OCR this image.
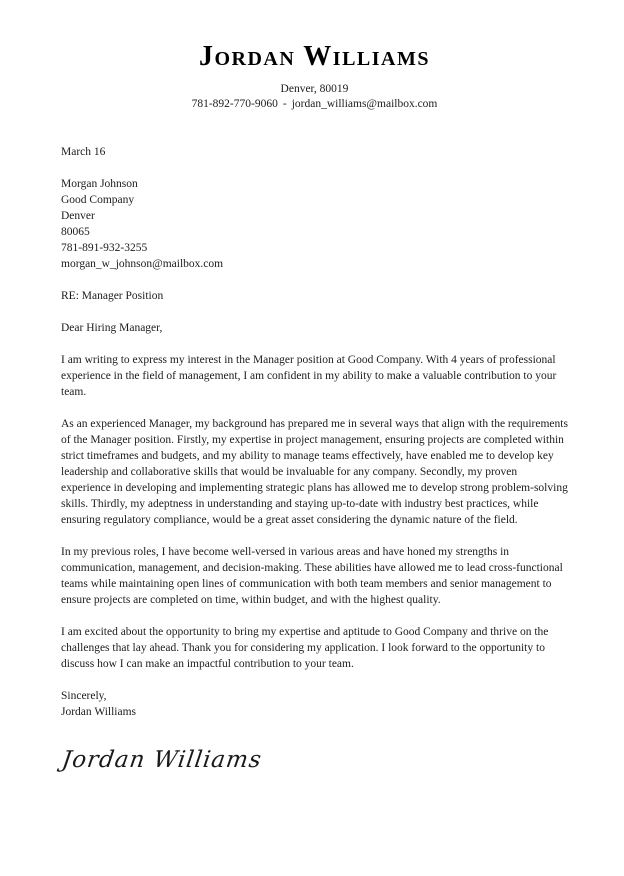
Jordan Williams
Denver, 80019
781-892-770-9060 - jordan_williams@mailbox.com
March 16
Morgan Johnson
Good Company
Denver
80065
781-891-932-3255
morgan_w_johnson@mailbox.com
RE: Manager Position
Dear Hiring Manager,

I am writing to express my interest in the Manager position at Good Company. With 4 years of professional experience in the field of management, I am confident in my ability to make a valuable contribution to your team.

As an experienced Manager, my background has prepared me in several ways that align with the requirements of the Manager position. Firstly, my expertise in project management, ensuring projects are completed within strict timeframes and budgets, and my ability to manage teams effectively, have enabled me to develop key leadership and collaborative skills that would be invaluable for any company. Secondly, my proven experience in developing and implementing strategic plans has allowed me to develop strong problem-solving skills. Thirdly, my adeptness in understanding and staying up-to-date with industry best practices, while ensuring regulatory compliance, would be a great asset considering the dynamic nature of the field.

In my previous roles, I have become well-versed in various areas and have honed my strengths in communication, management, and decision-making. These abilities have allowed me to lead cross-functional teams while maintaining open lines of communication with both team members and senior management to ensure projects are completed on time, within budget, and with the highest quality.

I am excited about the opportunity to bring my expertise and aptitude to Good Company and thrive on the challenges that lay ahead. Thank you for considering my application. I look forward to the opportunity to discuss how I can make an impactful contribution to your team.

Sincerely,
Jordan Williams
Jordan Williams
